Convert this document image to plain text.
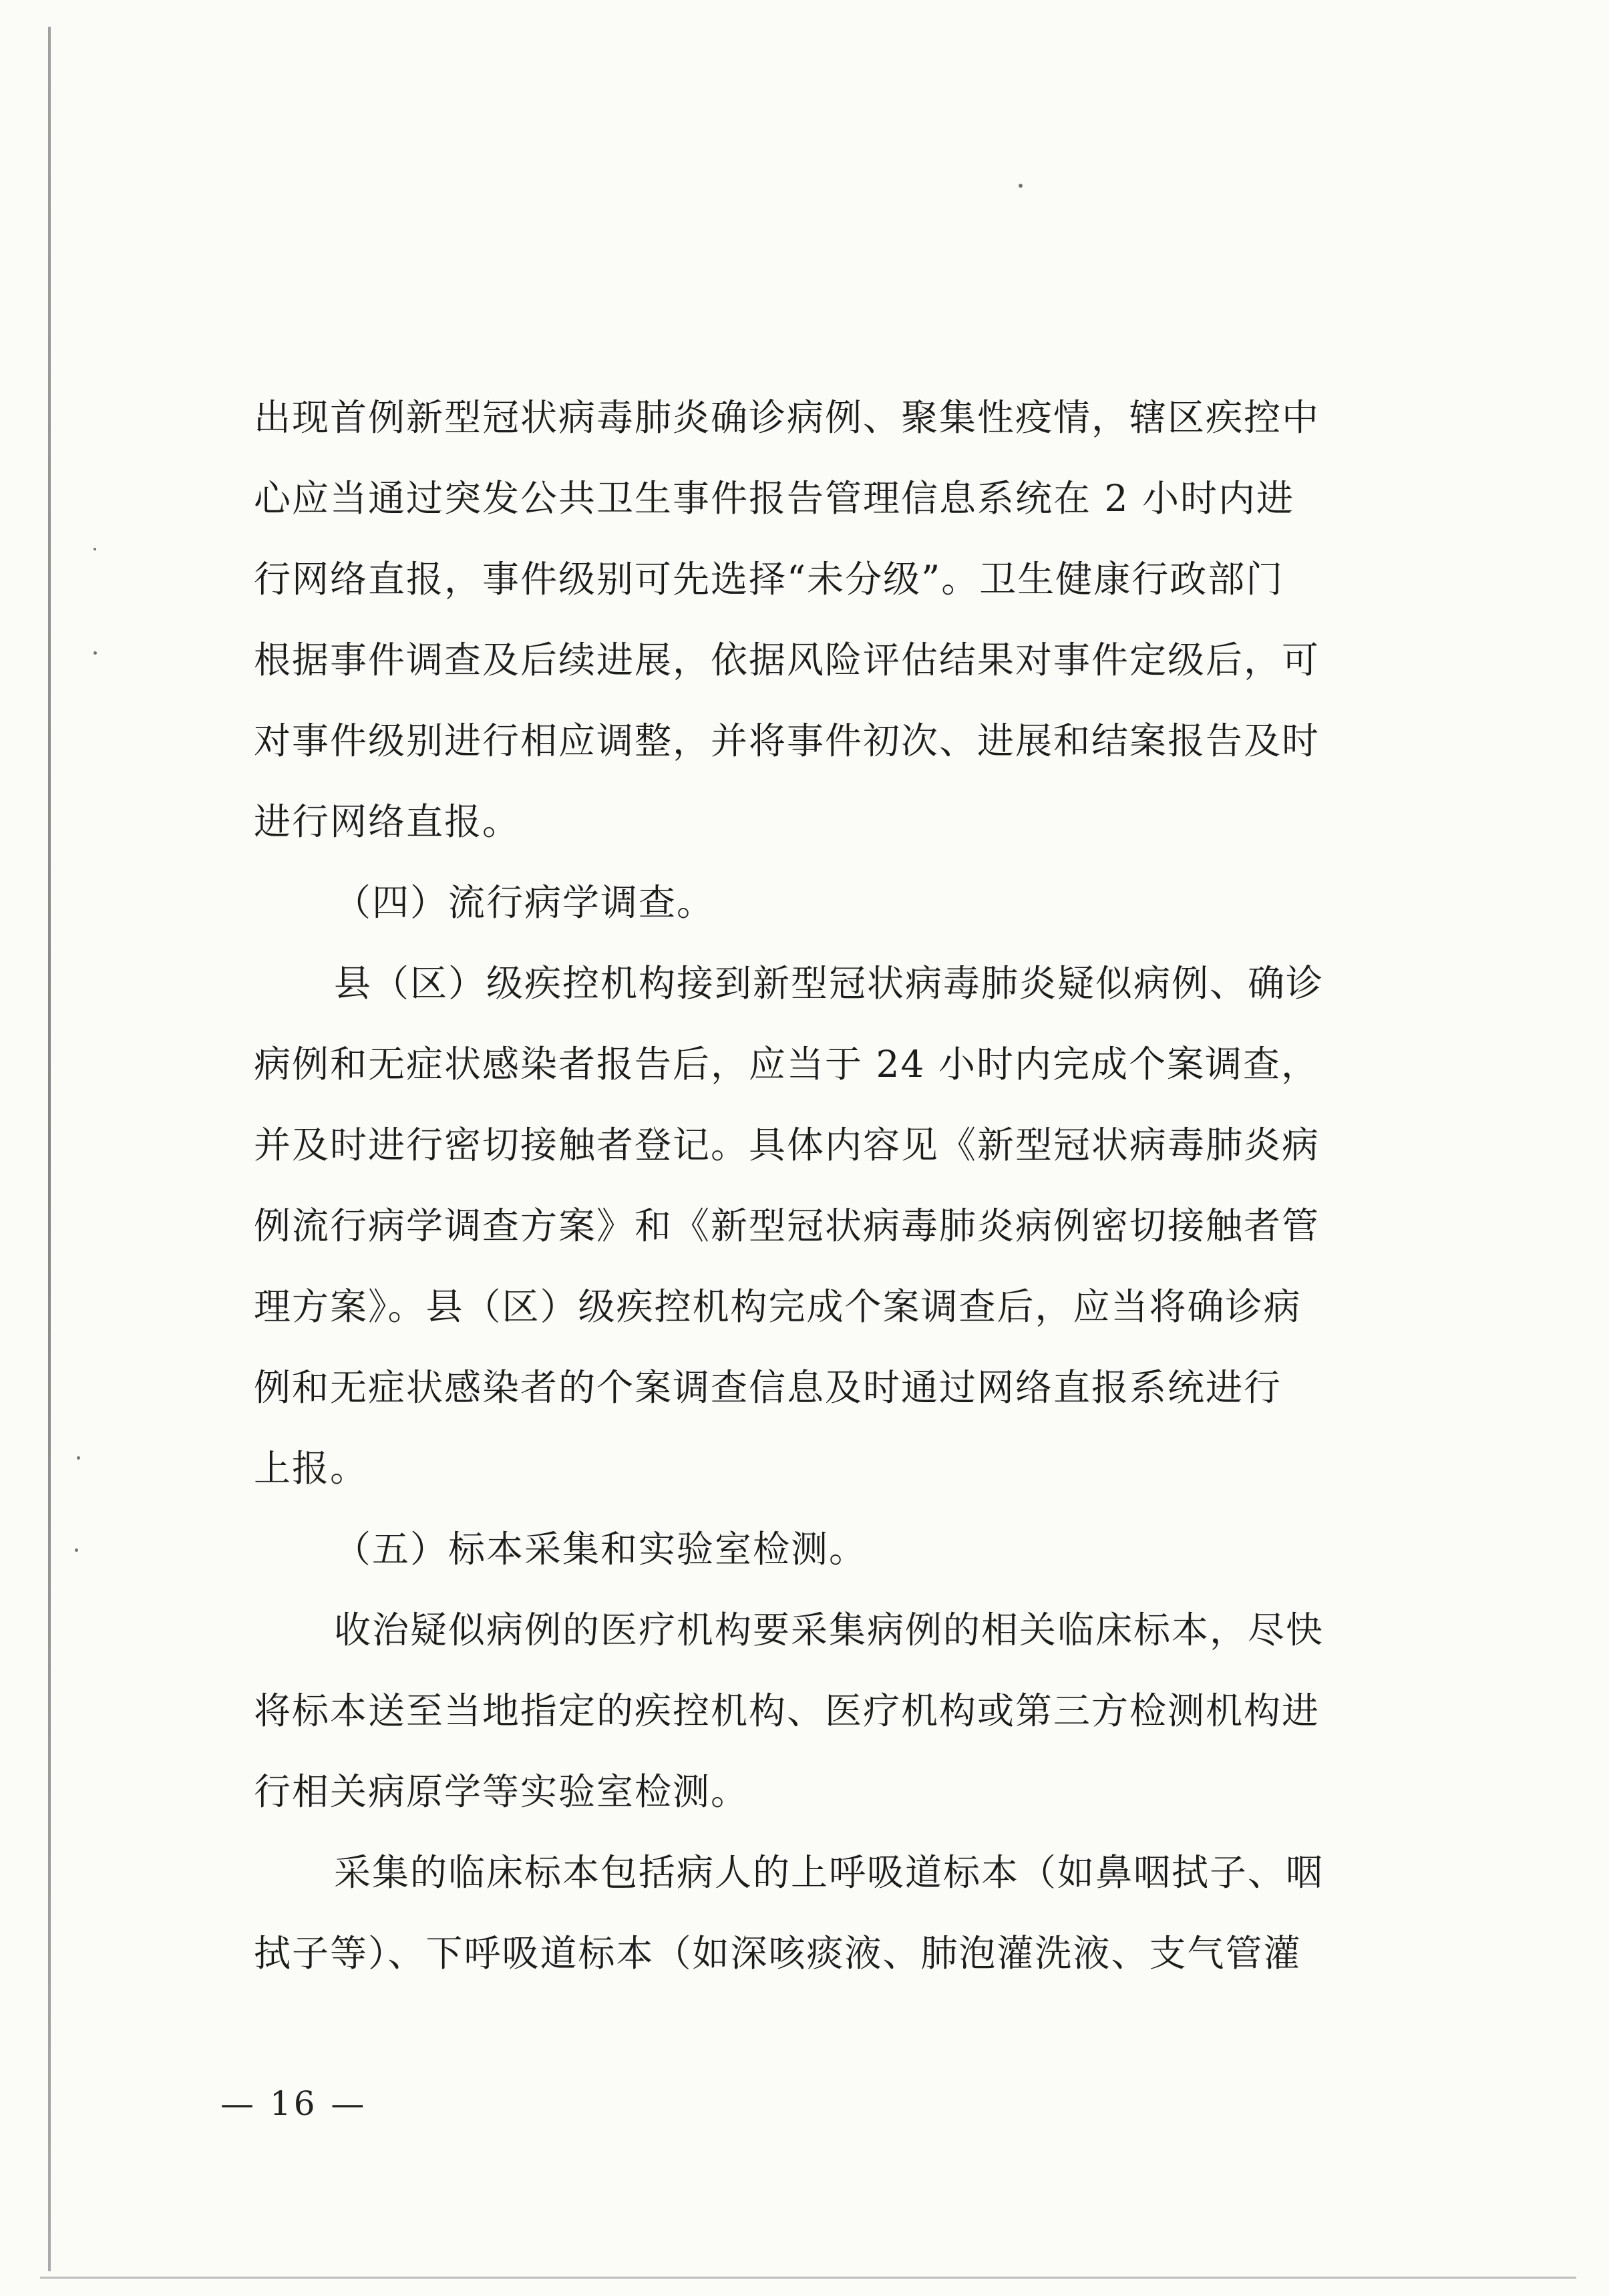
出现首例新型冠状病毒肺炎确诊病例、聚集性疫情，辖区疾控中

心应当通过突发公共卫生事件报告管理信息系统在 2 小时内进

行网络直报，事件级别可先选择“未分级”。卫生健康行政部门

根据事件调查及后续进展，依据风险评估结果对事件定级后，可

对事件级别进行相应调整，并将事件初次、进展和结案报告及时

进行网络直报。

（四）流行病学调查。

县（区）级疾控机构接到新型冠状病毒肺炎疑似病例、确诊

病例和无症状感染者报告后，应当于 24 小时内完成个案调查，

并及时进行密切接触者登记。具体内容见《新型冠状病毒肺炎病

例流行病学调查方案》和《新型冠状病毒肺炎病例密切接触者管

理方案》。县（区）级疾控机构完成个案调查后，应当将确诊病

例和无症状感染者的个案调查信息及时通过网络直报系统进行

上报。

（五）标本采集和实验室检测。

收治疑似病例的医疗机构要采集病例的相关临床标本，尽快

将标本送至当地指定的疾控机构、医疗机构或第三方检测机构进

行相关病原学等实验室检测。

采集的临床标本包括病人的上呼吸道标本（如鼻咽拭子、咽

拭子等）、下呼吸道标本（如深咳痰液、肺泡灌洗液、支气管灌

— 16 —
